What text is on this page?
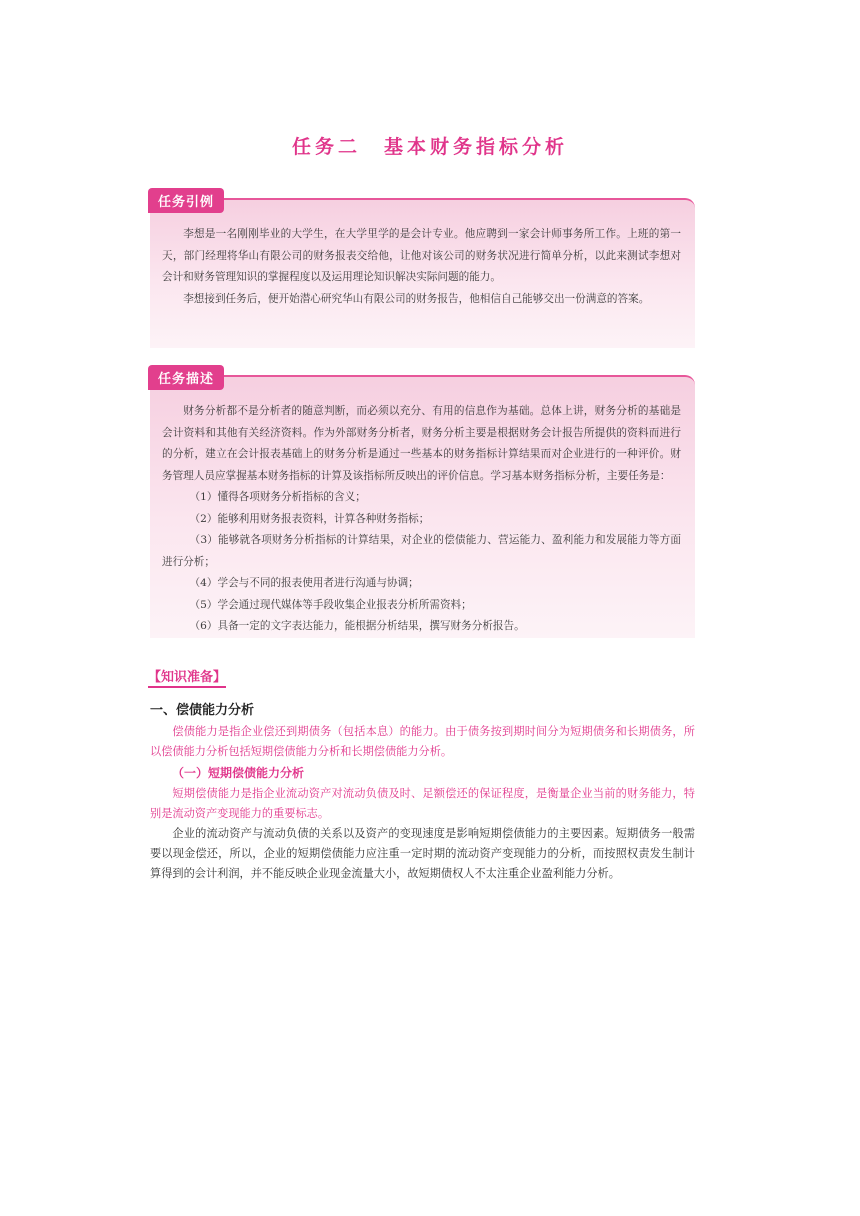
任务二　基本财务指标分析
任务引例

李想是一名刚刚毕业的大学生，在大学里学的是会计专业。他应聘到一家会计师事务所工作。上班的第一天，部门经理将华山有限公司的财务报表交给他，让他对该公司的财务状况进行简单分析，以此来测试李想对会计和财务管理知识的掌握程度以及运用理论知识解决实际问题的能力。

李想接到任务后，便开始潜心研究华山有限公司的财务报告，他相信自己能够交出一份满意的答案。

任务描述

财务分析都不是分析者的随意判断，而必须以充分、有用的信息作为基础。总体上讲，财务分析的基础是会计资料和其他有关经济资料。作为外部财务分析者，财务分析主要是根据财务会计报告所提供的资料而进行的分析，建立在会计报表基础上的财务分析是通过一些基本的财务指标计算结果而对企业进行的一种评价。财务管理人员应掌握基本财务指标的计算及该指标所反映出的评价信息。学习基本财务指标分析，主要任务是：

（1）懂得各项财务分析指标的含义；

（2）能够利用财务报表资料，计算各种财务指标；

（3）能够就各项财务分析指标的计算结果，对企业的偿债能力、营运能力、盈利能力和发展能力等方面进行分析；

（4）学会与不同的报表使用者进行沟通与协调；

（5）学会通过现代媒体等手段收集企业报表分析所需资料；

（6）具备一定的文字表达能力，能根据分析结果，撰写财务分析报告。

【知识准备】
一、偿债能力分析

偿债能力是指企业偿还到期债务（包括本息）的能力。由于债务按到期时间分为短期债务和长期债务，所以偿债能力分析包括短期偿债能力分析和长期偿债能力分析。

（一）短期偿债能力分析

短期偿债能力是指企业流动资产对流动负债及时、足额偿还的保证程度，是衡量企业当前的财务能力，特别是流动资产变现能力的重要标志。

企业的流动资产与流动负债的关系以及资产的变现速度是影响短期偿债能力的主要因素。短期债务一般需要以现金偿还，所以，企业的短期偿债能力应注重一定时期的流动资产变现能力的分析，而按照权责发生制计算得到的会计利润，并不能反映企业现金流量大小，故短期债权人不太注重企业盈利能力分析。
